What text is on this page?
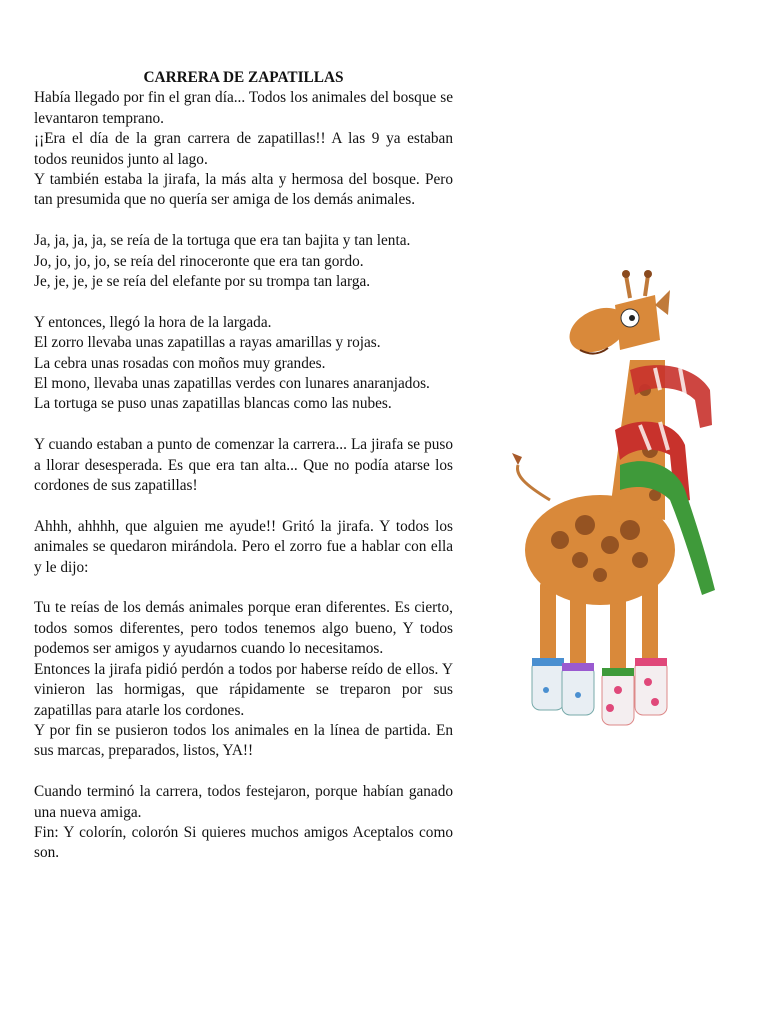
CARRERA DE ZAPATILLAS

Había llegado por fin el gran día... Todos los animales del bosque se levantaron temprano.

¡¡Era el día de la gran carrera de zapatillas!! A las 9 ya estaban todos reunidos junto al lago.

Y también estaba la jirafa, la más alta y hermosa del bosque. Pero tan presumida que no quería ser amiga de los demás animales.

Ja, ja, ja, ja, se reía de la tortuga que era tan bajita y tan lenta.

Jo, jo, jo, jo, se reía del rinoceronte que era tan gordo.

Je, je, je, je se reía del elefante por su trompa tan larga.

Y entonces, llegó la hora de la largada.

El zorro llevaba unas zapatillas a rayas amarillas y rojas.

La cebra unas rosadas con moños muy grandes.

El mono, llevaba unas zapatillas verdes con lunares anaranjados.

La tortuga se puso unas zapatillas blancas como las nubes.

Y cuando estaban a punto de comenzar la carrera... La jirafa se puso a llorar desesperada. Es que era tan alta... Que no podía atarse los cordones de sus zapatillas!

Ahhh, ahhhh, que alguien me ayude!! Gritó la jirafa. Y todos los animales se quedaron mirándola. Pero el zorro fue a hablar con ella y le dijo:

Tu te reías de los demás animales porque eran diferentes. Es cierto, todos somos diferentes, pero todos tenemos algo bueno, Y todos podemos ser amigos y ayudarnos cuando lo necesitamos.

Entonces la jirafa pidió perdón a todos por haberse reído de ellos. Y vinieron las hormigas, que rápidamente se treparon por sus zapatillas para atarle los cordones.

Y por fin se pusieron todos los animales en la línea de partida. En sus marcas, preparados, listos, YA!!

Cuando terminó la carrera, todos festejaron, porque habían ganado una nueva amiga.

Fin: Y colorín, colorón Si quieres muchos amigos Aceptalos como son.
